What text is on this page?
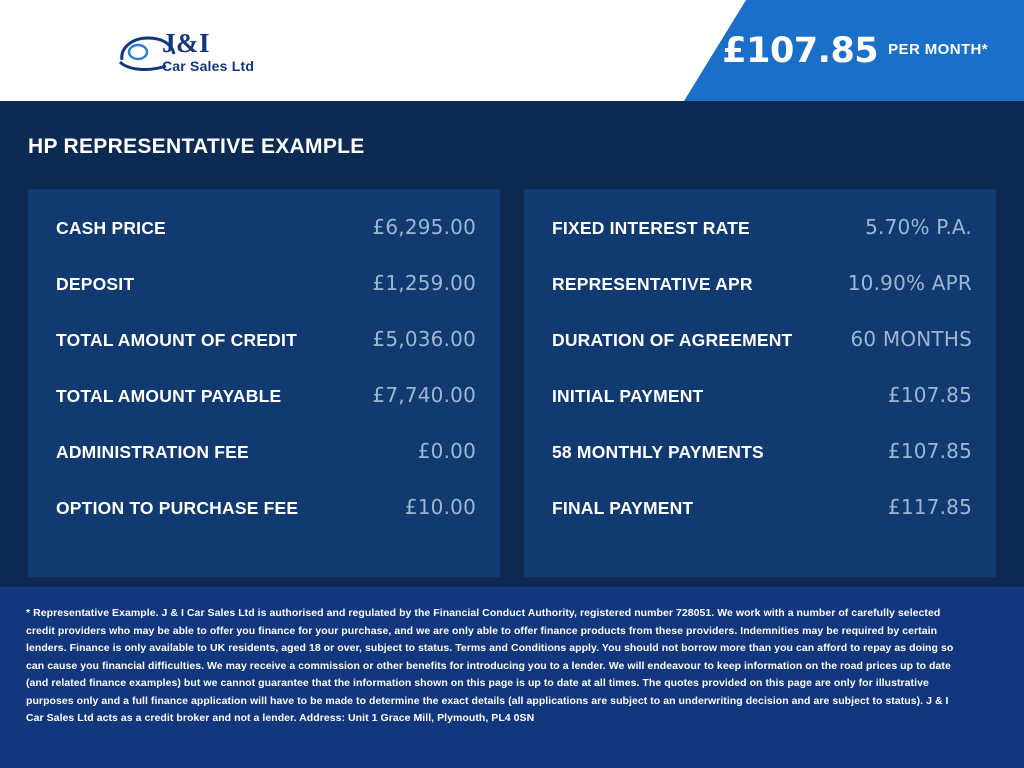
J&I
Car Sales Ltd	£107.85 PER MONTH*
HP REPRESENTATIVE EXAMPLE
CASH PRICE	£6,295.00
DEPOSIT	£1,259.00
TOTAL AMOUNT OF CREDIT	£5,036.00
TOTAL AMOUNT PAYABLE	£7,740.00
ADMINISTRATION FEE	£0.00
OPTION TO PURCHASE FEE	£10.00
FIXED INTEREST RATE	5.70% P.A.
REPRESENTATIVE APR	10.90% APR
DURATION OF AGREEMENT	60 MONTHS
INITIAL PAYMENT	£107.85
58 MONTHLY PAYMENTS	£107.85
FINAL PAYMENT	£117.85

* Representative Example. J & I Car Sales Ltd is authorised and regulated by the Financial Conduct Authority, registered number 728051. We work with a number of carefully selected credit providers who may be able to offer you finance for your purchase, and we are only able to offer finance products from these providers. Indemnities may be required by certain lenders. Finance is only available to UK residents, aged 18 or over, subject to status. Terms and Conditions apply. You should not borrow more than you can afford to repay as doing so can cause you financial difficulties. We may receive a commission or other benefits for introducing you to a lender. We will endeavour to keep information on the road prices up to date (and related finance examples) but we cannot guarantee that the information shown on this page is up to date at all times. The quotes provided on this page are only for illustrative purposes only and a full finance application will have to be made to determine the exact details (all applications are subject to an underwriting decision and are subject to status). J & I Car Sales Ltd acts as a credit broker and not a lender. Address: Unit 1 Grace Mill, Plymouth, PL4 0SN
